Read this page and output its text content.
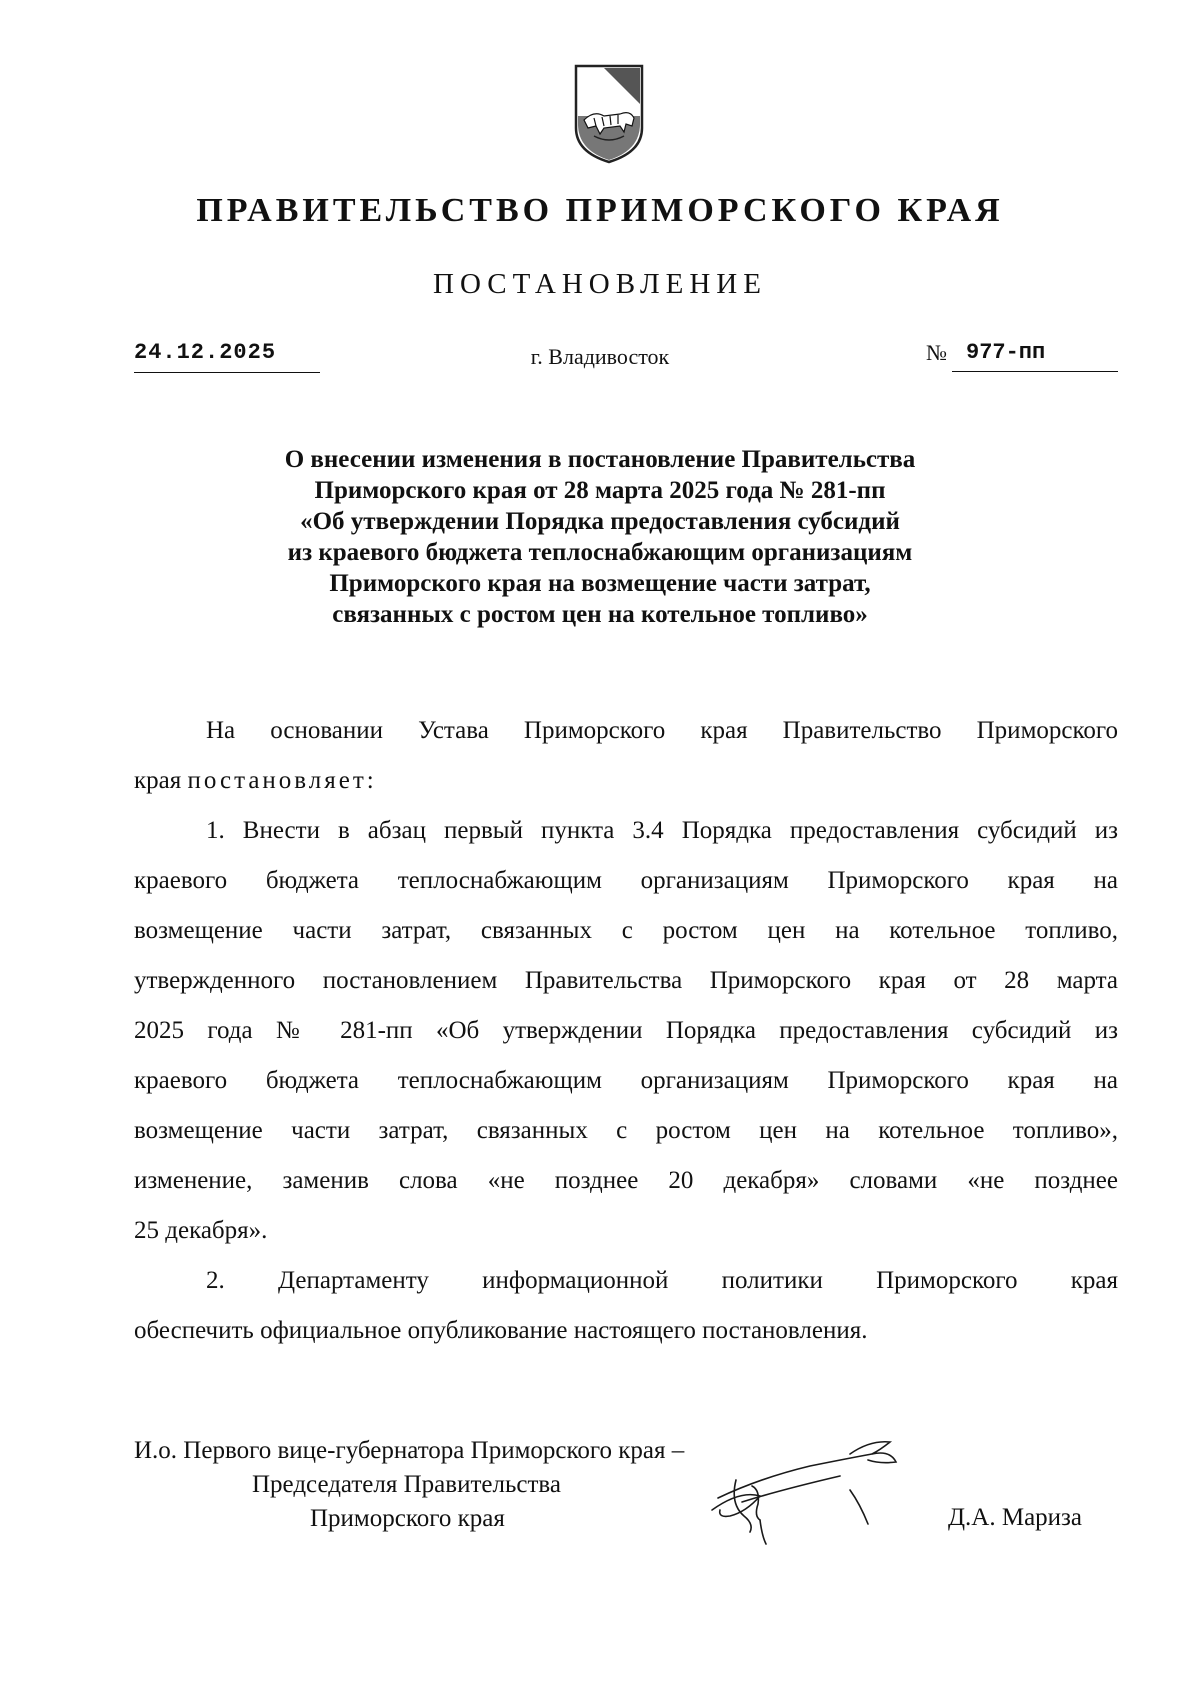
ПРАВИТЕЛЬСТВО ПРИМОРСКОГО КРАЯ
ПОСТАНОВЛЕНИЕ
24.12.2025	г. Владивосток	№ 977-пп
О внесении изменения в постановление Правительства
Приморского края от 28 марта 2025 года № 281-пп
«Об утверждении Порядка предоставления субсидий
из краевого бюджета теплоснабжающим организациям
Приморского края на возмещение части затрат,
связанных с ростом цен на котельное топливо»

На основании Устава Приморского края Правительство Приморского
края постановляет:

1. Внести в абзац первый пункта 3.4 Порядка предоставления субсидий из
краевого бюджета теплоснабжающим организациям Приморского края на
возмещение части затрат, связанных с ростом цен на котельное топливо,
утвержденного постановлением Правительства Приморского края от 28 марта
2025 года № 281-пп «Об утверждении Порядка предоставления субсидий из
краевого бюджета теплоснабжающим организациям Приморского края на
возмещение части затрат, связанных с ростом цен на котельное топливо»,
изменение, заменив слова «не позднее 20 декабря» словами «не позднее
25 декабря».

2. Департаменту информационной политики Приморского края
обеспечить официальное опубликование настоящего постановления.

И.о. Первого вице-губернатора Приморского края –
Председателя Правительства
Приморского края	Д.А. Мариза
